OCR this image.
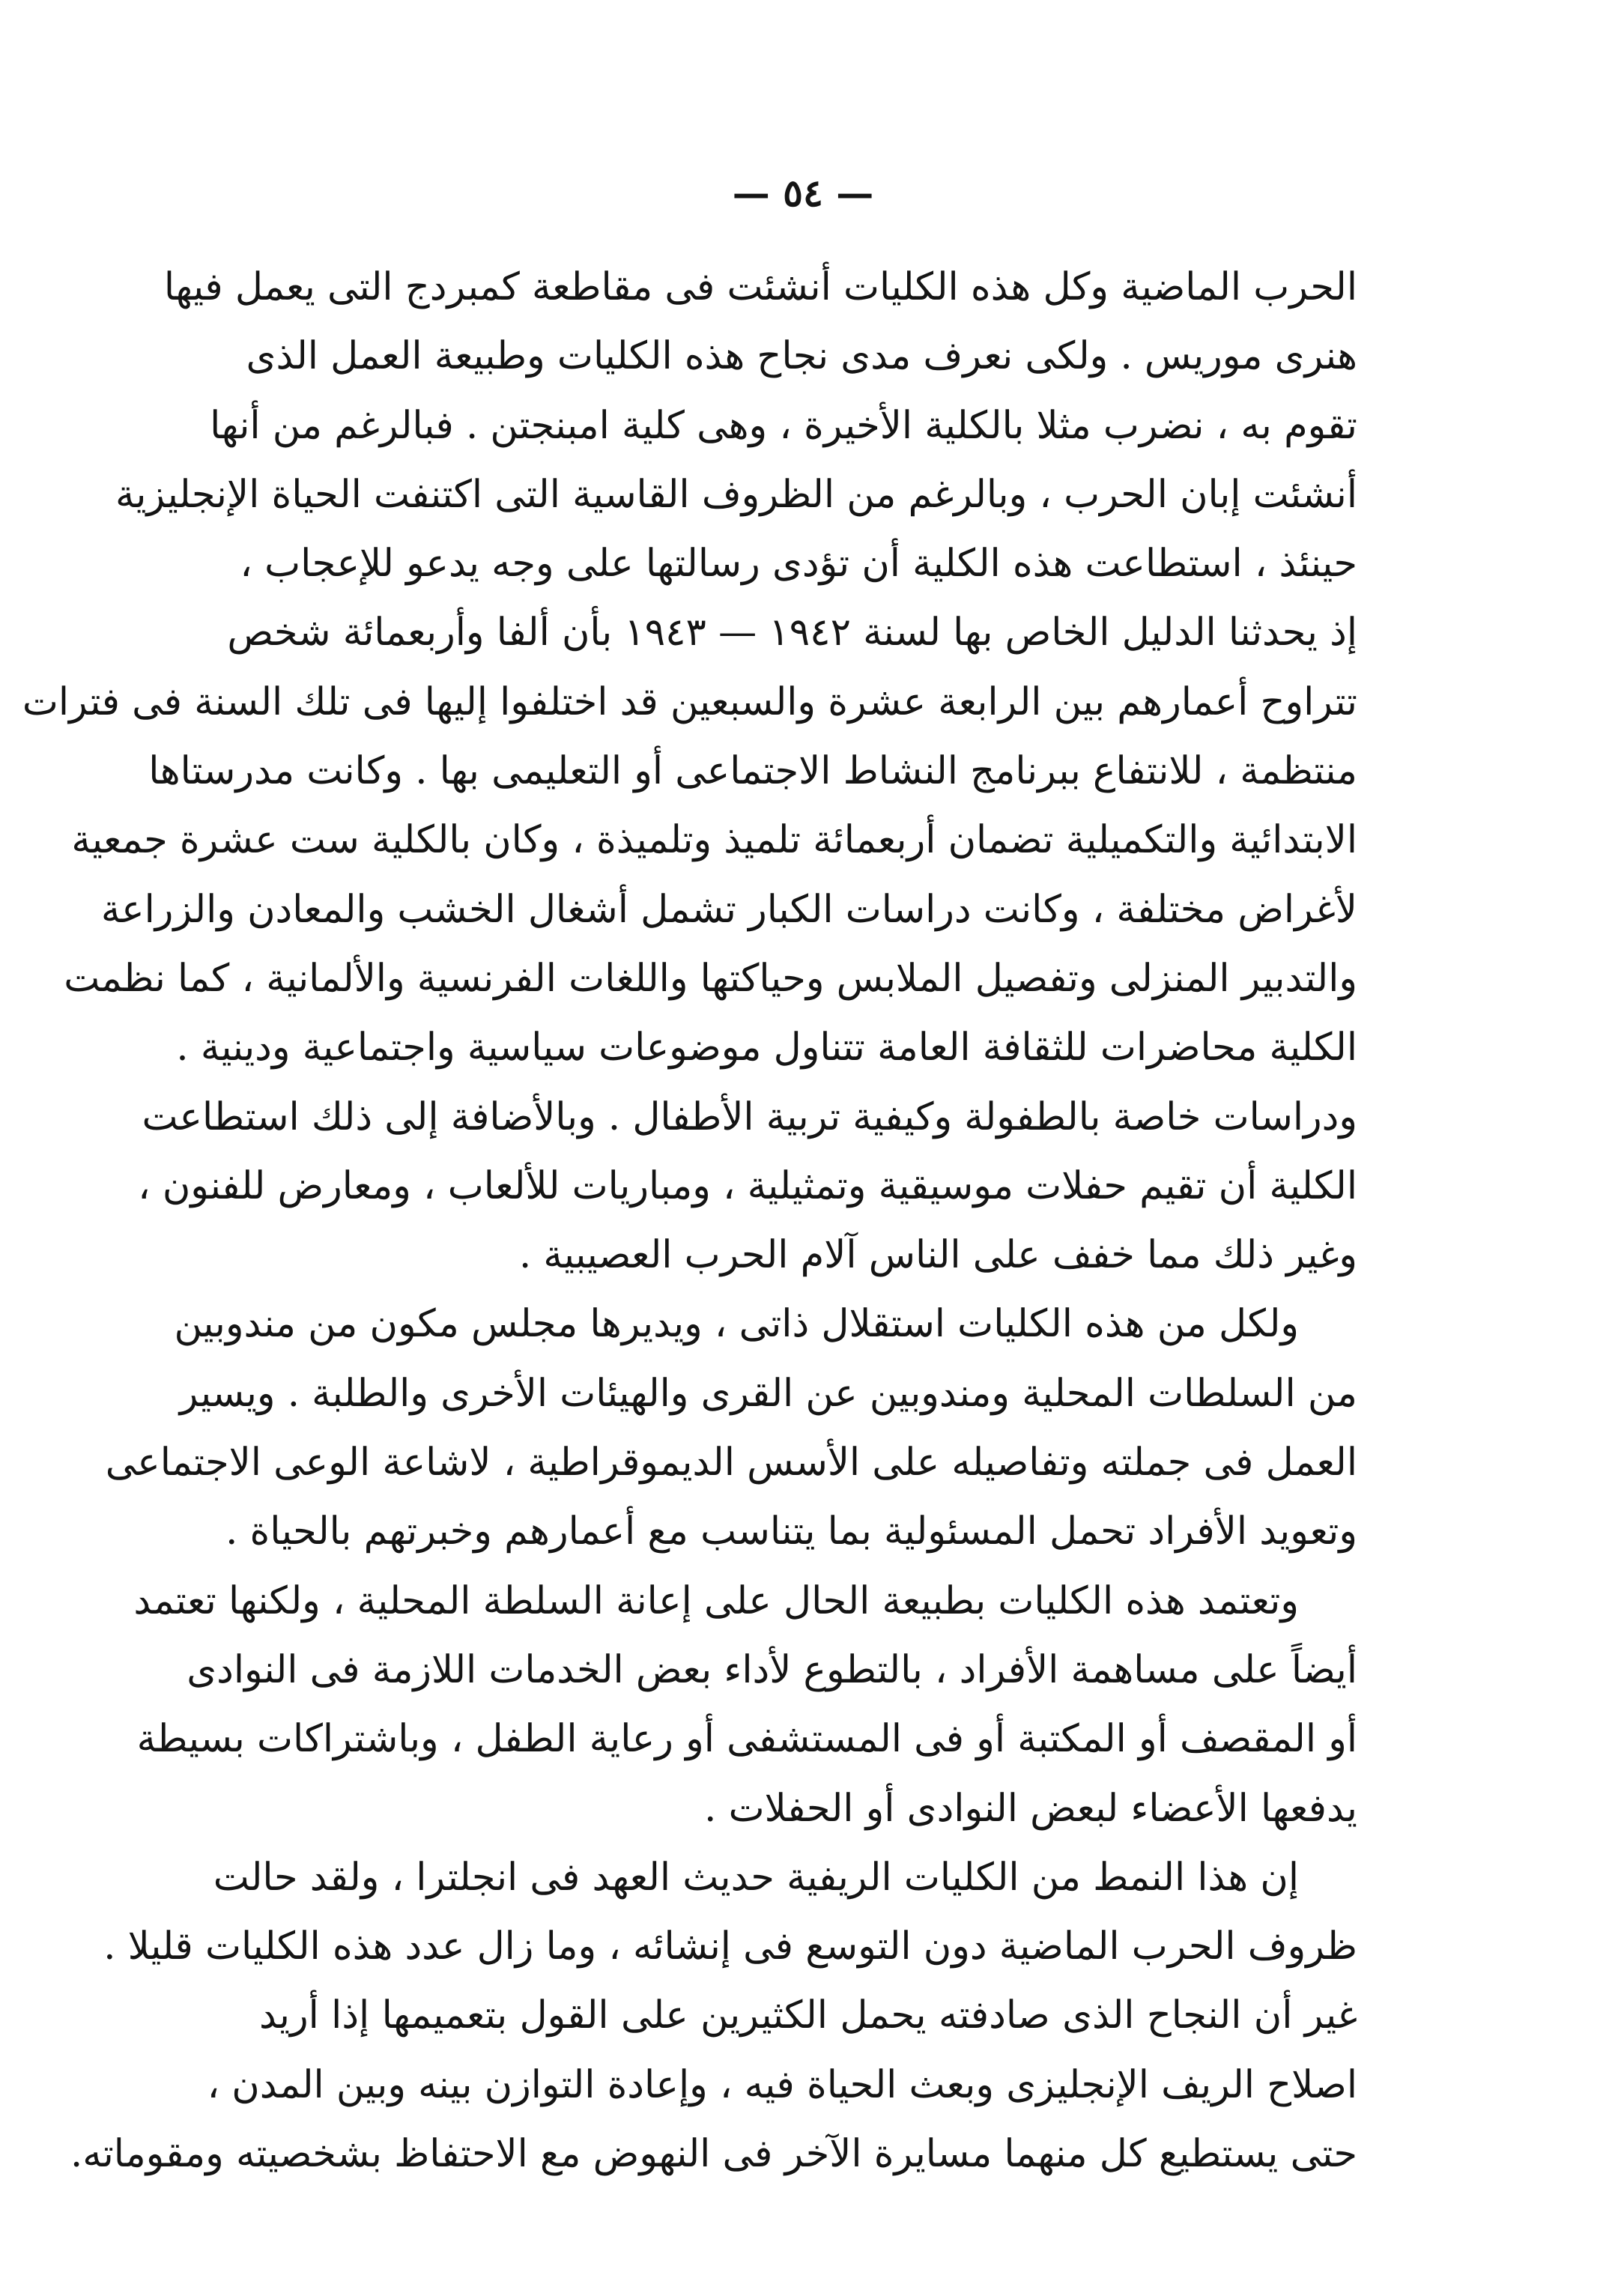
— ٥٤ —
الحرب الماضية وكل هذه الكليات أنشئت فى مقاطعة كمبردج التى يعمل فيها
هنرى موريس . ولكى نعرف مدى نجاح هذه الكليات وطبيعة العمل الذى
تقوم به ، نضرب مثلا بالكلية الأخيرة ، وهى كلية امبنجتن . فبالرغم من أنها
أنشئت إبان الحرب ، وبالرغم من الظروف القاسية التى اكتنفت الحياة الإنجليزية
حينئذ ، استطاعت هذه الكلية أن تؤدى رسالتها على وجه يدعو للإعجاب ،
إذ يحدثنا الدليل الخاص بها لسنة ١٩٤٢ — ١٩٤٣ بأن ألفا وأربعمائة شخص
تتراوح أعمارهم بين الرابعة عشرة والسبعين قد اختلفوا إليها فى تلك السنة فى فترات
منتظمة ، للانتفاع ببرنامج النشاط الاجتماعى أو التعليمى بها . وكانت مدرستاها
الابتدائية والتكميلية تضمان أربعمائة تلميذ وتلميذة ، وكان بالكلية ست عشرة جمعية
لأغراض مختلفة ، وكانت دراسات الكبار تشمل أشغال الخشب والمعادن والزراعة
والتدبير المنزلى وتفصيل الملابس وحياكتها واللغات الفرنسية والألمانية ، كما نظمت
الكلية محاضرات للثقافة العامة تتناول موضوعات سياسية واجتماعية ودينية .
ودراسات خاصة بالطفولة وكيفية تربية الأطفال . وبالأضافة إلى ذلك استطاعت
الكلية أن تقيم حفلات موسيقية وتمثيلية ، ومباريات للألعاب ، ومعارض للفنون ،
وغير ذلك مما خفف على الناس آلام الحرب العصيبية .
ولكل من هذه الكليات استقلال ذاتى ، ويديرها مجلس مكون من مندوبين
من السلطات المحلية ومندوبين عن القرى والهيئات الأخرى والطلبة . ويسير
العمل فى جملته وتفاصيله على الأسس الديموقراطية ، لاشاعة الوعى الاجتماعى
وتعويد الأفراد تحمل المسئولية بما يتناسب مع أعمارهم وخبرتهم بالحياة .
وتعتمد هذه الكليات بطبيعة الحال على إعانة السلطة المحلية ، ولكنها تعتمد
أيضاً على مساهمة الأفراد ، بالتطوع لأداء بعض الخدمات اللازمة فى النوادى
أو المقصف أو المكتبة أو فى المستشفى أو رعاية الطفل ، وباشتراكات بسيطة
يدفعها الأعضاء لبعض النوادى أو الحفلات .
إن هذا النمط من الكليات الريفية حديث العهد فى انجلترا ، ولقد حالت
ظروف الحرب الماضية دون التوسع فى إنشائه ، وما زال عدد هذه الكليات قليلا .
غير أن النجاح الذى صادفته يحمل الكثيرين على القول بتعميمها إذا أريد
اصلاح الريف الإنجليزى وبعث الحياة فيه ، وإعادة التوازن بينه وبين المدن ،
حتى يستطيع كل منهما مسايرة الآخر فى النهوض مع الاحتفاظ بشخصيته ومقوماته.
